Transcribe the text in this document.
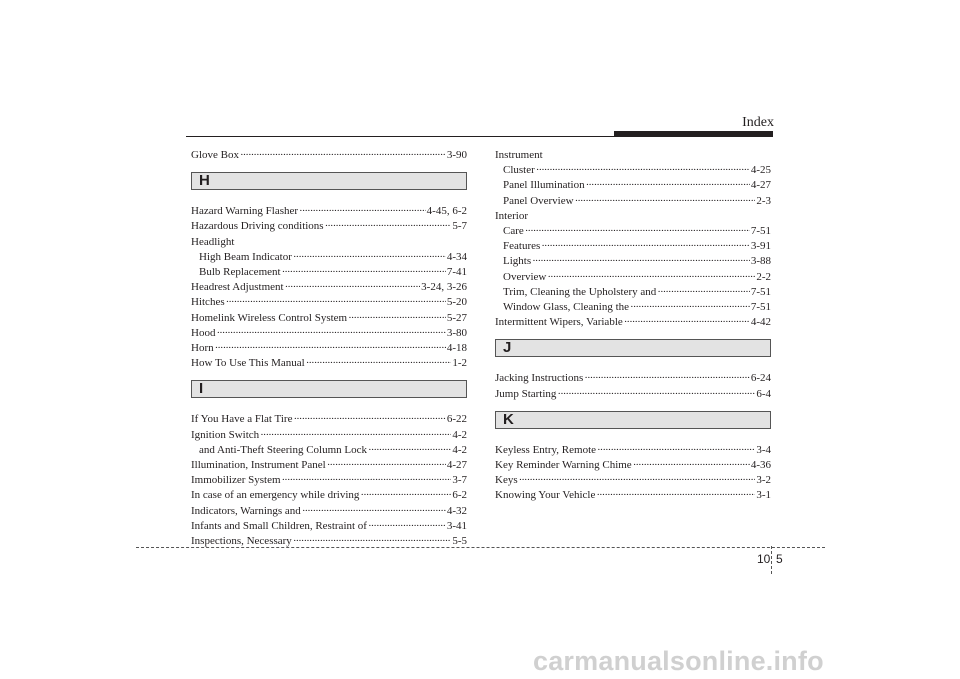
Index
Glove Box ·····	3-90
H
Hazard Warning Flasher ·····	4-45, 6-2
Hazardous Driving conditions ·····	5-7
Headlight
High Beam Indicator ·····	4-34
Bulb Replacement ·····	7-41
Headrest Adjustment ·····	3-24, 3-26
Hitches ·····	5-20
Homelink Wireless Control System ·····	5-27
Hood ·····	3-80
Horn ·····	4-18
How To Use This Manual ·····	1-2
I
If You Have a Flat Tire ·····	6-22
Ignition Switch ·····	4-2
and Anti-Theft Steering Column Lock ·····	4-2
Illumination, Instrument Panel ·····	4-27
Immobilizer System ·····	3-7
In case of an emergency while driving ·····	6-2
Indicators, Warnings and ·····	4-32
Infants and Small Children, Restraint of ·····	3-41
Inspections, Necessary ·····	5-5
Instrument
Cluster ·····	4-25
Panel Illumination ·····	4-27
Panel Overview ·····	2-3
Interior
Care ·····	7-51
Features ·····	3-91
Lights ·····	3-88
Overview ·····	2-2
Trim, Cleaning the Upholstery and ·····	7-51
Window Glass, Cleaning the ·····	7-51
Intermittent Wipers, Variable ·····	4-42
J
Jacking Instructions ·····	6-24
Jump Starting ·····	6-4
K
Keyless Entry, Remote ·····	3-4
Key Reminder Warning Chime ·····	4-36
Keys ·····	3-2
Knowing Your Vehicle ·····	3-1
10 5
carmanualsonline.info
